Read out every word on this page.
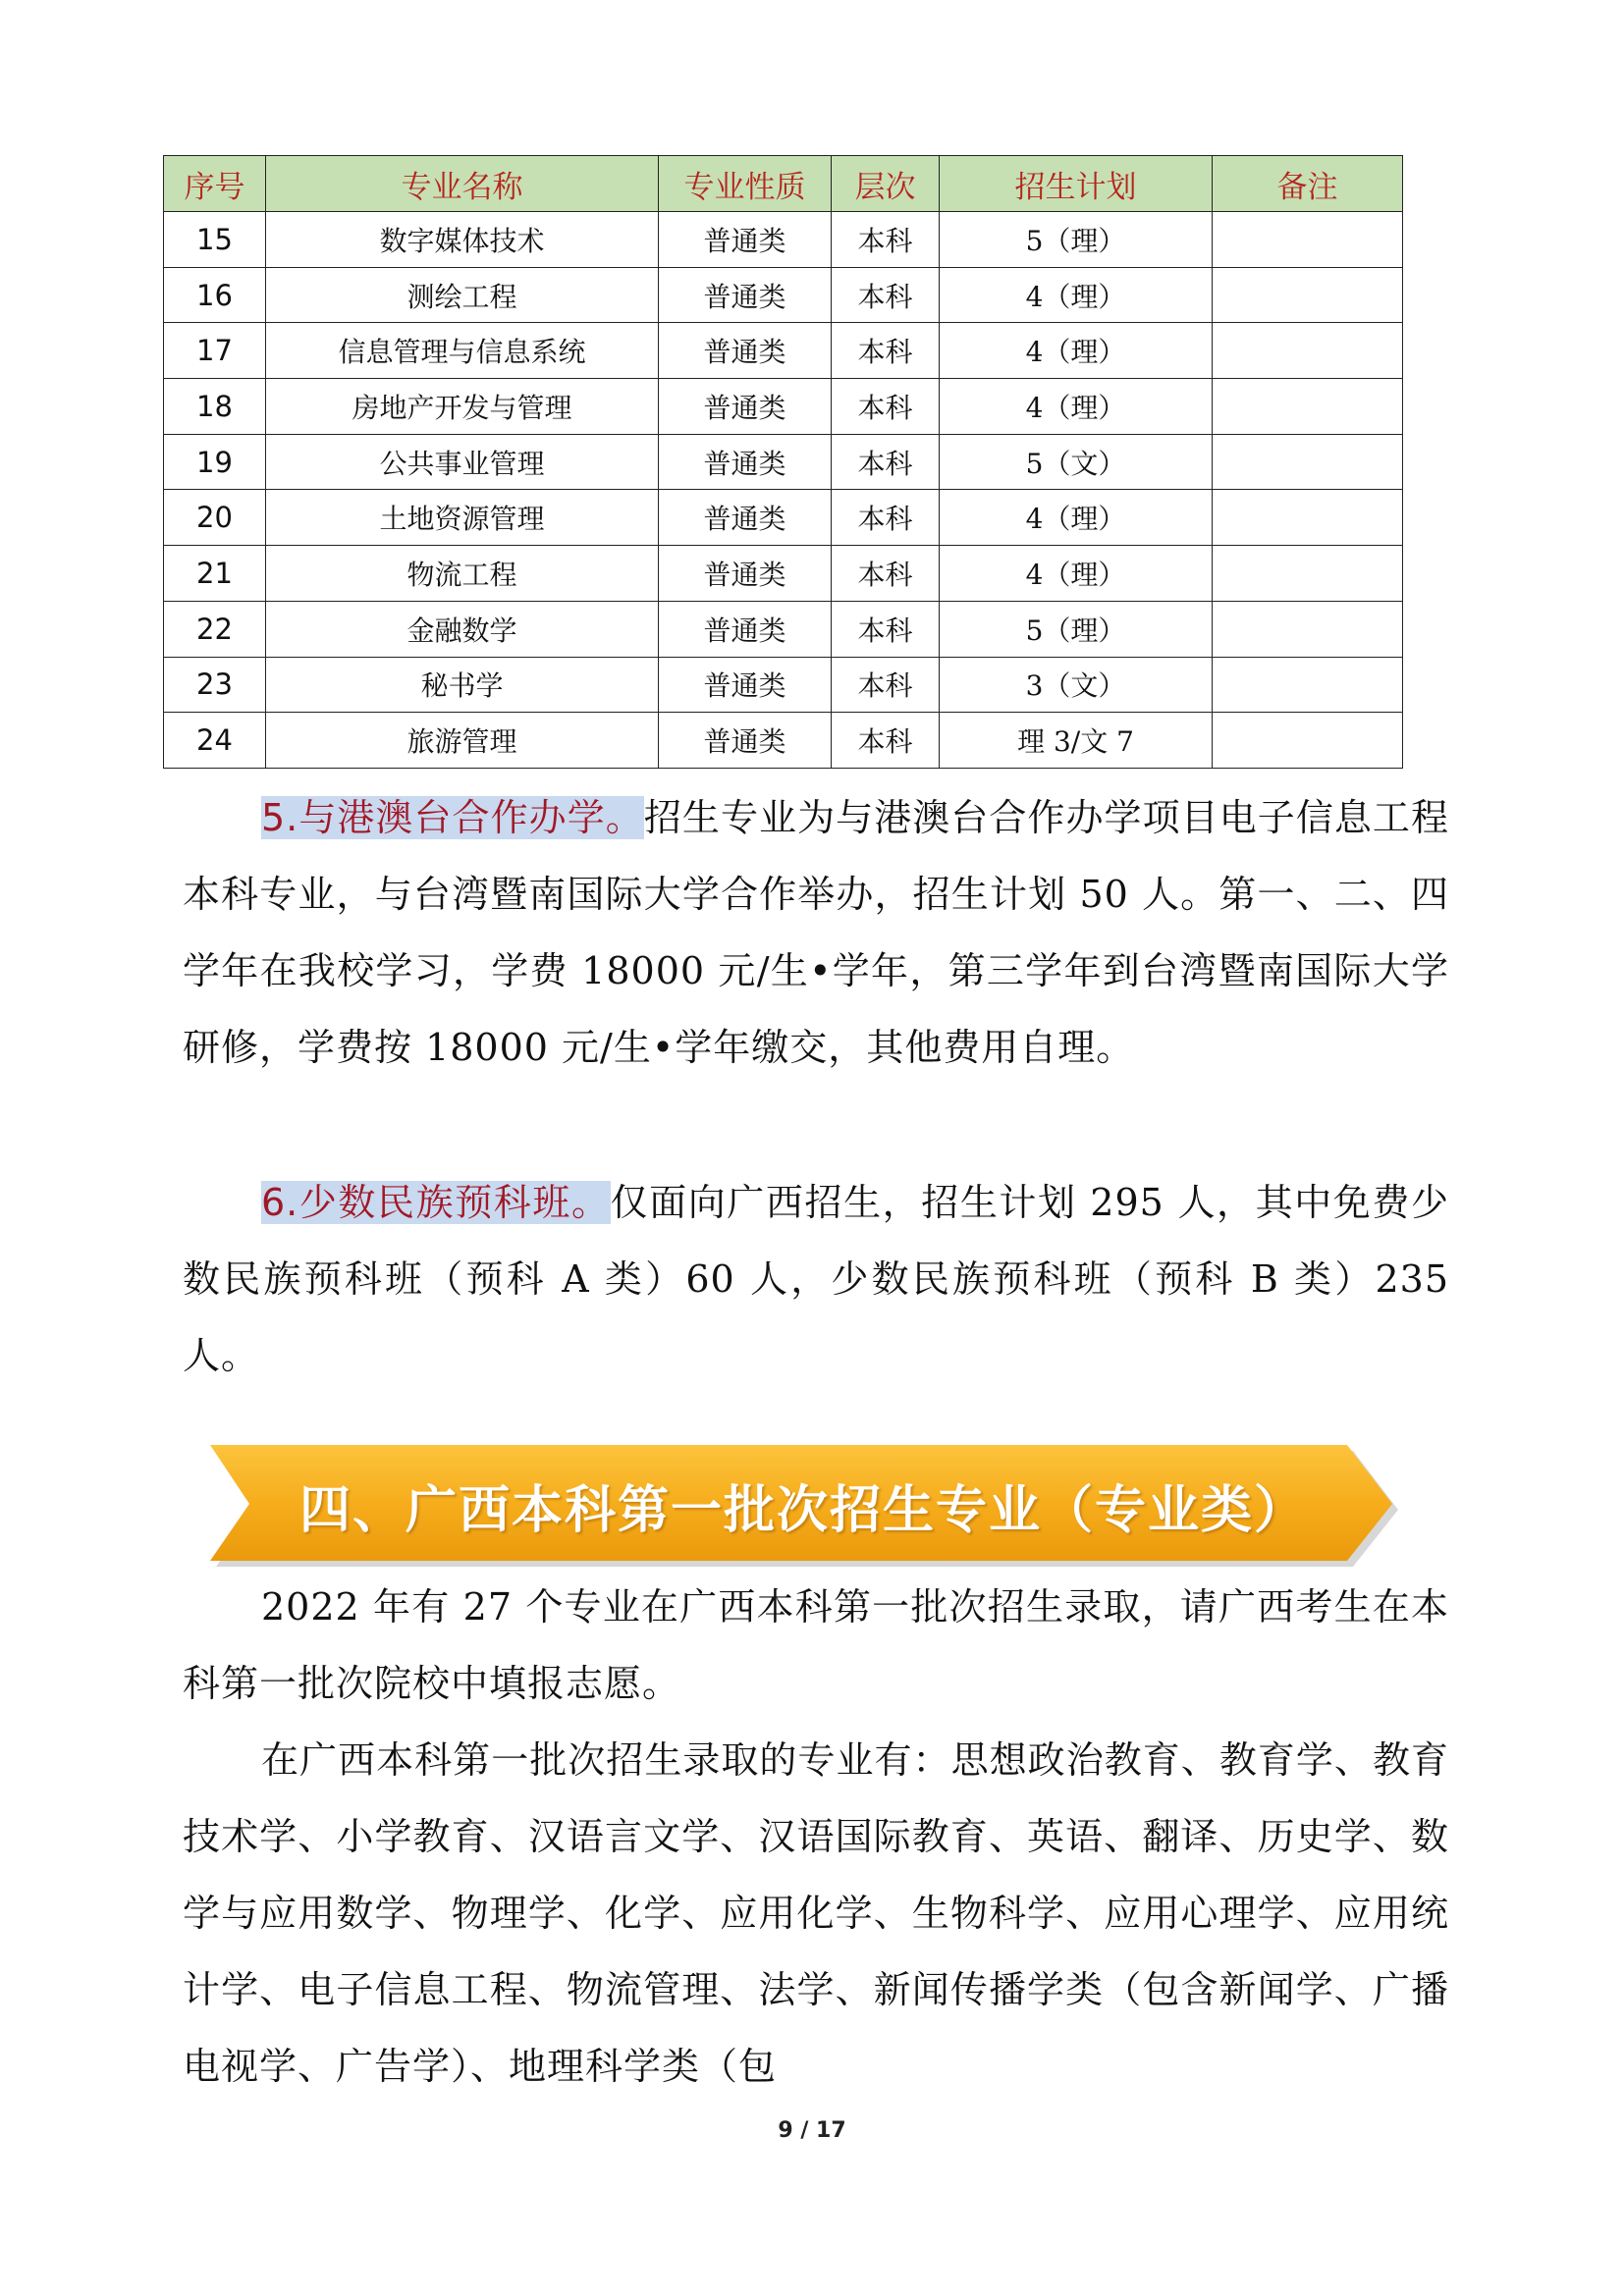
序号	专业名称	专业性质	层次	招生计划	备注
15	数字媒体技术	普通类	本科	5（理）	
16	测绘工程	普通类	本科	4（理）	
17	信息管理与信息系统	普通类	本科	4（理）	
18	房地产开发与管理	普通类	本科	4（理）	
19	公共事业管理	普通类	本科	5（文）	
20	土地资源管理	普通类	本科	4（理）	
21	物流工程	普通类	本科	4（理）	
22	金融数学	普通类	本科	5（理）	
23	秘书学	普通类	本科	3（文）	
24	旅游管理	普通类	本科	理 3/文 7	

5.与港澳台合作办学。招生专业为与港澳台合作办学项目电子信息工程本科专业，与台湾暨南国际大学合作举办，招生计划 50 人。第一、二、四学年在我校学习，学费 18000 元/生•学年，第三学年到台湾暨南国际大学研修，学费按 18000 元/生•学年缴交，其他费用自理。

6.少数民族预科班。仅面向广西招生，招生计划 295 人，其中免费少数民族预科班（预科 A 类）60 人，少数民族预科班（预科 B 类）235 人。

四、广西本科第一批次招生专业（专业类）

2022 年有 27 个专业在广西本科第一批次招生录取，请广西考生在本科第一批次院校中填报志愿。

在广西本科第一批次招生录取的专业有：思想政治教育、教育学、教育技术学、小学教育、汉语言文学、汉语国际教育、英语、翻译、历史学、数学与应用数学、物理学、化学、应用化学、生物科学、应用心理学、应用统计学、电子信息工程、物流管理、法学、新闻传播学类（包含新闻学、广播电视学、广告学）、地理科学类（包

9 / 17
